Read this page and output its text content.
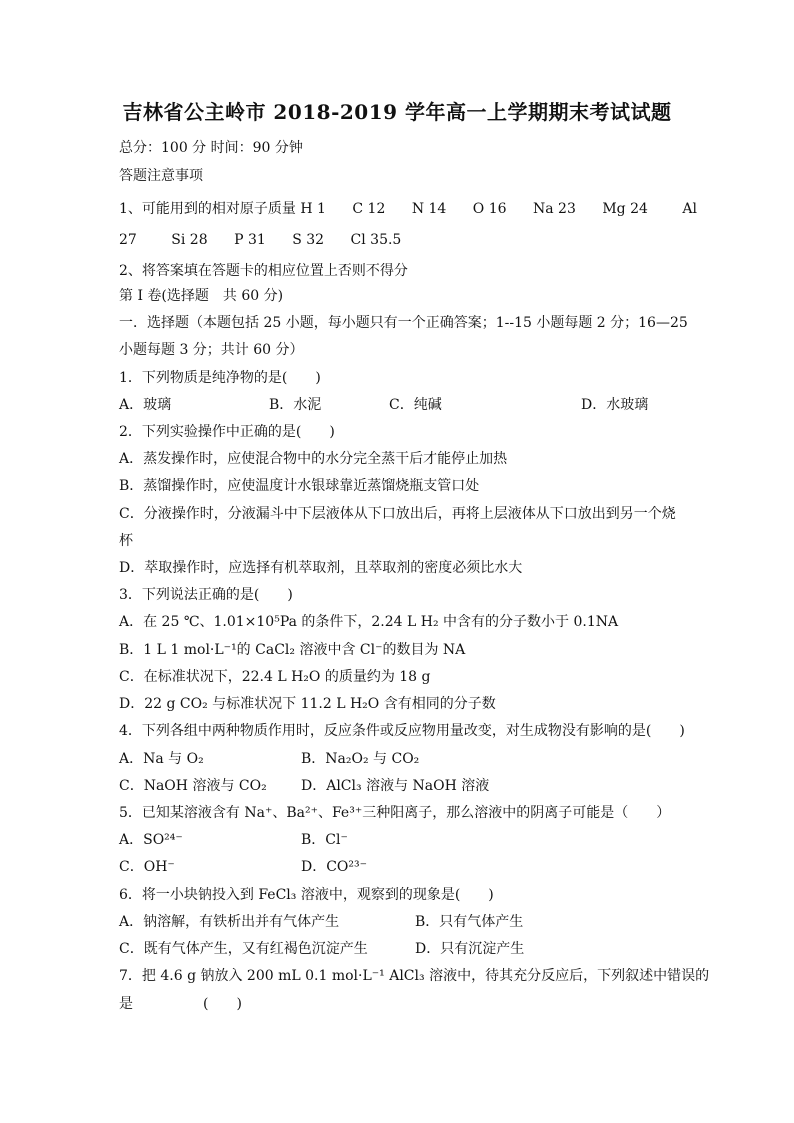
吉林省公主岭市 2018-2019 学年高一上学期期末考试试题
总分：100 分 时间：90 分钟
答题注意事项
1、可能用到的相对原子质量 H 1 C 12 N 14 O 16 Na 23 Mg 24 Al
27 Si 28 P 31 S 32 Cl 35.5
2、将答案填在答题卡的相应位置上否则不得分
第 I 卷(选择题　共 60 分)
一．选择题（本题包括 25 小题，每小题只有一个正确答案；1--15 小题每题 2 分；16—25
小题每题 3 分；共计 60 分）
1．下列物质是纯净物的是(　　)
A．玻璃	B．水泥	C．纯碱	D．水玻璃
2．下列实验操作中正确的是(　　)
A．蒸发操作时，应使混合物中的水分完全蒸干后才能停止加热
B．蒸馏操作时，应使温度计水银球靠近蒸馏烧瓶支管口处
C．分液操作时，分液漏斗中下层液体从下口放出后，再将上层液体从下口放出到另一个烧
杯
D．萃取操作时，应选择有机萃取剂，且萃取剂的密度必须比水大
3．下列说法正确的是(　　)
A．在 25 ℃、1.01×10⁵Pa 的条件下，2.24 L H₂ 中含有的分子数小于 0.1NA
B．1 L 1 mol·L⁻¹的 CaCl₂ 溶液中含 Cl⁻的数目为 NA
C．在标准状况下，22.4 L H₂O 的质量约为 18 g
D．22 g CO₂ 与标准状况下 11.2 L H₂O 含有相同的分子数
4．下列各组中两种物质作用时，反应条件或反应物用量改变，对生成物没有影响的是(　　)
A．Na 与 O₂	B．Na₂O₂ 与 CO₂
C．NaOH 溶液与 CO₂ D．AlCl₃ 溶液与 NaOH 溶液
5．已知某溶液含有 Na⁺、Ba²⁺、Fe³⁺三种阳离子，那么溶液中的阴离子可能是（　　）
A．SO²⁴⁻	B．Cl⁻
C．OH⁻	D．CO²³⁻
6．将一小块钠投入到 FeCl₃ 溶液中，观察到的现象是(　　)
A．钠溶解，有铁析出并有气体产生	B．只有气体产生
C．既有气体产生，又有红褐色沉淀产生	D．只有沉淀产生
7．把 4.6 g 钠放入 200 mL 0.1 mol·L⁻¹ AlCl₃ 溶液中，待其充分反应后，下列叙述中错误的
是　　　　　(　　)
